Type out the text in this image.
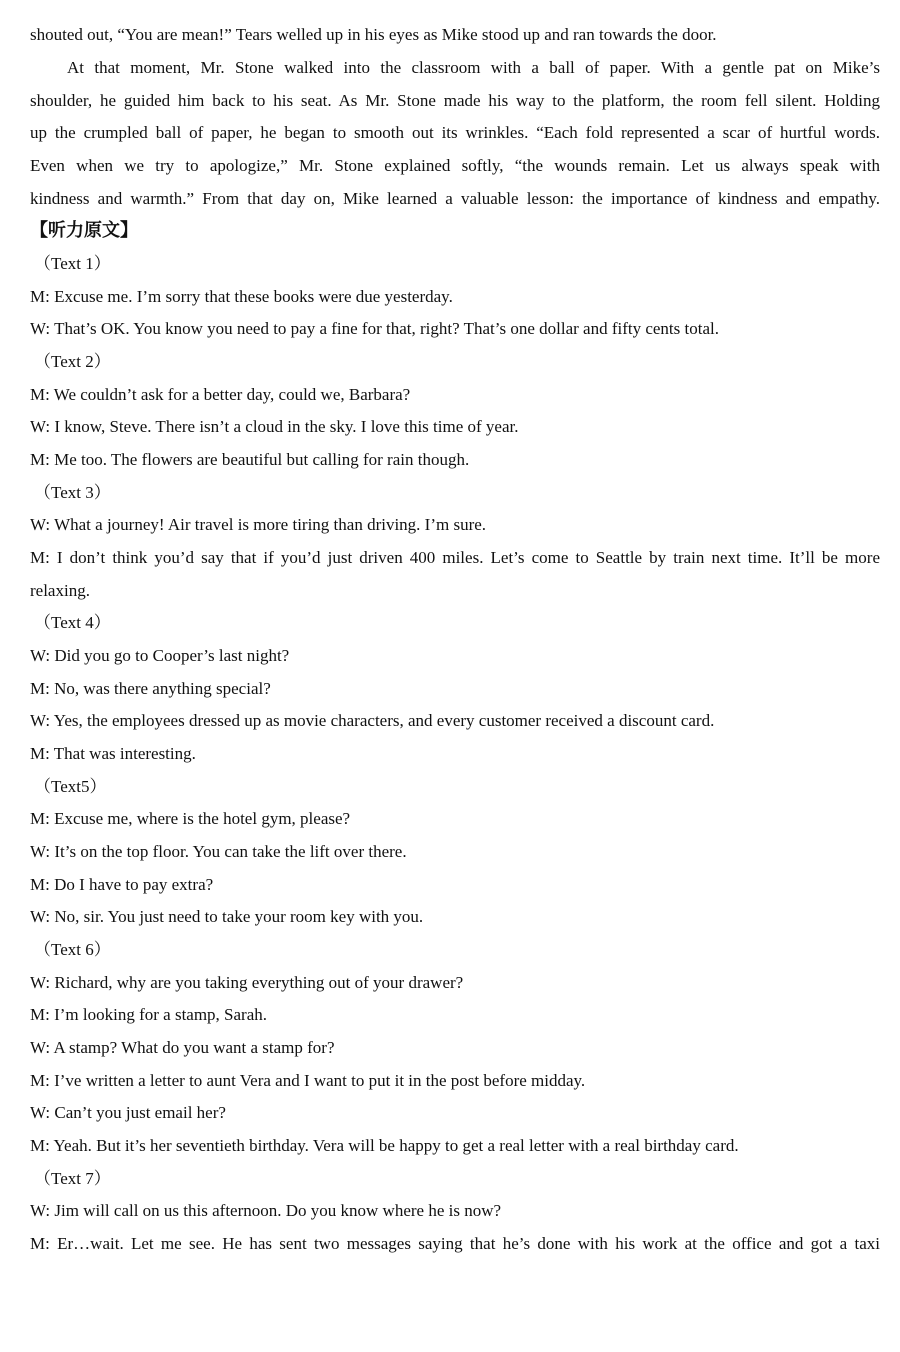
shouted out, “You are mean!” Tears welled up in his eyes as Mike stood up and ran towards the door.
At that moment, Mr. Stone walked into the classroom with a ball of paper. With a gentle pat on Mike’s
shoulder, he guided him back to his seat. As Mr. Stone made his way to the platform, the room fell silent. Holding
up the crumpled ball of paper, he began to smooth out its wrinkles. “Each fold represented a scar of hurtful words.
Even when we try to apologize,” Mr. Stone explained softly, “the wounds remain. Let us always speak with
kindness and warmth.” From that day on, Mike learned a valuable lesson: the importance of kindness and empathy.
【听力原文】
（Text 1）
M: Excuse me. I’m sorry that these books were due yesterday.
W: That’s OK. You know you need to pay a fine for that, right? That’s one dollar and fifty cents total.
（Text 2）
M: We couldn’t ask for a better day, could we, Barbara?
W: I know, Steve. There isn’t a cloud in the sky. I love this time of year.
M: Me too. The flowers are beautiful but calling for rain though.
（Text 3）
W: What a journey! Air travel is more tiring than driving. I’m sure.
M: I don’t think you’d say that if you’d just driven 400 miles. Let’s come to Seattle by train next time. It’ll be more
relaxing.
（Text 4）
W: Did you go to Cooper’s last night?
M: No, was there anything special?
W: Yes, the employees dressed up as movie characters, and every customer received a discount card.
M: That was interesting.
（Text5）
M: Excuse me, where is the hotel gym, please?
W: It’s on the top floor. You can take the lift over there.
M: Do I have to pay extra?
W: No, sir. You just need to take your room key with you.
（Text 6）
W: Richard, why are you taking everything out of your drawer?
M: I’m looking for a stamp, Sarah.
W: A stamp? What do you want a stamp for?
M: I’ve written a letter to aunt Vera and I want to put it in the post before midday.
W: Can’t you just email her?
M: Yeah. But it’s her seventieth birthday. Vera will be happy to get a real letter with a real birthday card.
（Text 7）
W: Jim will call on us this afternoon. Do you know where he is now?
M: Er…wait. Let me see. He has sent two messages saying that he’s done with his work at the office and got a taxi
